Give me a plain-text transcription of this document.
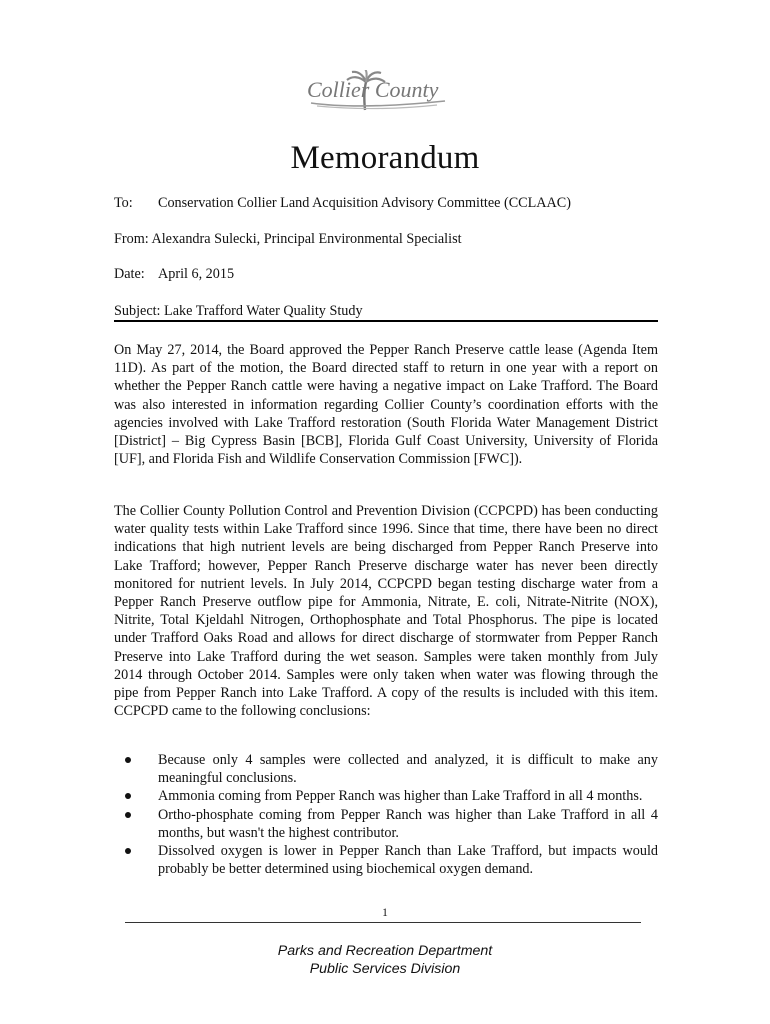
Collier County
Memorandum
To: Conservation Collier Land Acquisition Advisory Committee (CCLAAC)
From: Alexandra Sulecki, Principal Environmental Specialist
Date: April 6, 2015
Subject: Lake Trafford Water Quality Study

On May 27, 2014, the Board approved the Pepper Ranch Preserve cattle lease (Agenda Item 11D). As part of the motion, the Board directed staff to return in one year with a report on whether the Pepper Ranch cattle were having a negative impact on Lake Trafford. The Board was also interested in information regarding Collier County’s coordination efforts with the agencies involved with Lake Trafford restoration (South Florida Water Management District [District] – Big Cypress Basin [BCB], Florida Gulf Coast University, University of Florida [UF], and Florida Fish and Wildlife Conservation Commission [FWC]).

The Collier County Pollution Control and Prevention Division (CCPCPD) has been conducting water quality tests within Lake Trafford since 1996. Since that time, there have been no direct indications that high nutrient levels are being discharged from Pepper Ranch Preserve into Lake Trafford; however, Pepper Ranch Preserve discharge water has never been directly monitored for nutrient levels. In July 2014, CCPCPD began testing discharge water from a Pepper Ranch Preserve outflow pipe for Ammonia, Nitrate, E. coli, Nitrate-Nitrite (NOX), Nitrite, Total Kjeldahl Nitrogen, Orthophosphate and Total Phosphorus. The pipe is located under Trafford Oaks Road and allows for direct discharge of stormwater from Pepper Ranch Preserve into Lake Trafford during the wet season. Samples were taken monthly from July 2014 through October 2014. Samples were only taken when water was flowing through the pipe from Pepper Ranch into Lake Trafford. A copy of the results is included with this item. CCPCPD came to the following conclusions:

Because only 4 samples were collected and analyzed, it is difficult to make any meaningful conclusions.
Ammonia coming from Pepper Ranch was higher than Lake Trafford in all 4 months.
Ortho-phosphate coming from Pepper Ranch was higher than Lake Trafford in all 4 months, but wasn't the highest contributor.
Dissolved oxygen is lower in Pepper Ranch than Lake Trafford, but impacts would probably be better determined using biochemical oxygen demand.
1
Parks and Recreation Department
Public Services Division
